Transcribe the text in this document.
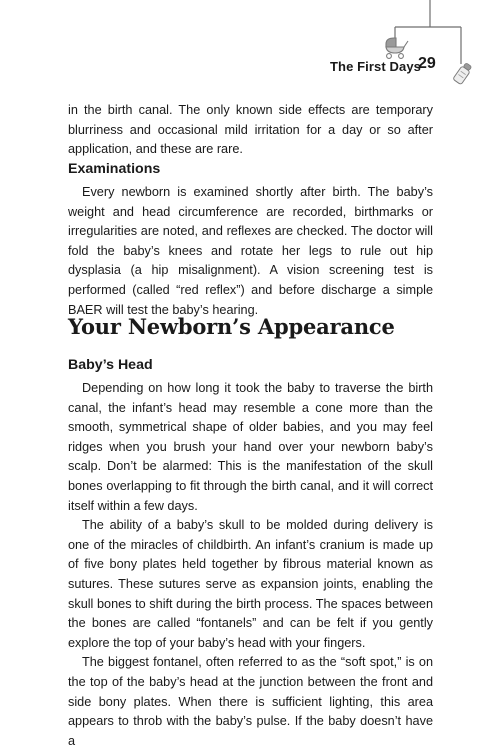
The First Days
29

in the birth canal. The only known side effects are temporary blurriness and occasional mild irritation for a day or so after application, and these are rare.

Examinations

Every newborn is examined shortly after birth. The baby’s weight and head circumference are recorded, birthmarks or irregularities are noted, and reflexes are checked. The doctor will fold the baby’s knees and rotate her legs to rule out hip dysplasia (a hip misalignment). A vision screening test is performed (called “red reflex”) and before discharge a simple BAER will test the baby’s hearing.

Your Newborn’s Appearance
Baby’s Head

Depending on how long it took the baby to traverse the birth canal, the infant’s head may resemble a cone more than the smooth, symmetrical shape of older babies, and you may feel ridges when you brush your hand over your newborn baby’s scalp. Don’t be alarmed: This is the manifestation of the skull bones overlapping to fit through the birth canal, and it will correct itself within a few days.

The ability of a baby’s skull to be molded during delivery is one of the miracles of childbirth. An infant’s cranium is made up of five bony plates held together by fibrous material known as sutures. These sutures serve as expansion joints, enabling the skull bones to shift during the birth process. The spaces between the bones are called “fontanels” and can be felt if you gently explore the top of your baby’s head with your fingers.

The biggest fontanel, often referred to as the “soft spot,” is on the top of the baby’s head at the junction between the front and side bony plates. When there is sufficient lighting, this area appears to throb with the baby’s pulse. If the baby doesn’t have a
